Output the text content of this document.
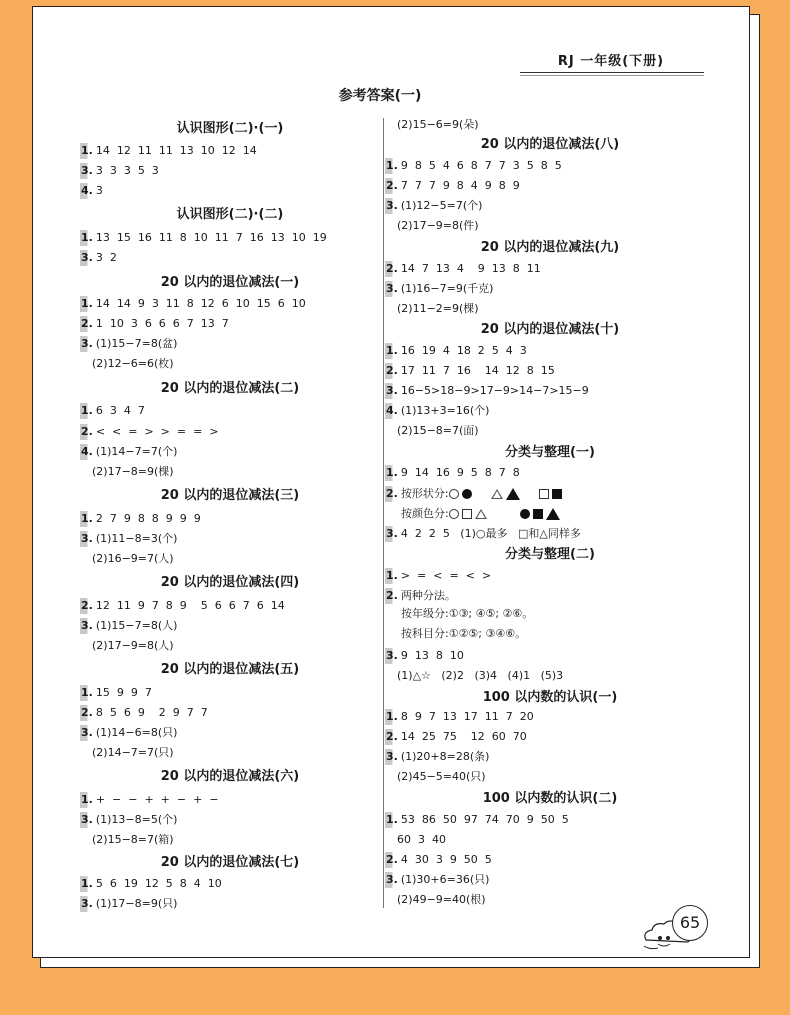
RJ 一年级(下册)
参考答案(一)
认识图形(二)·(一)
1. 14  12  11  11  13  10  12  14
3. 3  3  3  5  3
4. 3
认识图形(二)·(二)
1. 13  15  16  11  8  10  11  7  16  13  10  19
3. 3  2
20 以内的退位减法(一)
1. 14  14  9  3  11  8  12  6  10  15  6  10
2. 1  10  3  6  6  6  7  13  7
3. (1)15−7=8(盆)
(2)12−6=6(枚)
20 以内的退位减法(二)
1. 6  3  4  7
2. <  <  =  >  >  =  =  >
4. (1)14−7=7(个)
(2)17−8=9(棵)
20 以内的退位减法(三)
1. 2  7  9  8  8  9  9  9
3. (1)11−8=3(个)
(2)16−9=7(人)
20 以内的退位减法(四)
2. 12  11  9  7  8  9    5  6  6  7  6  14
3. (1)15−7=8(人)
(2)17−9=8(人)
20 以内的退位减法(五)
1. 15  9  9  7
2. 8  5  6  9    2  9  7  7
3. (1)14−6=8(只)
(2)14−7=7(只)
20 以内的退位减法(六)
1. +  −  −  +  +  −  +  −
3. (1)13−8=5(个)
(2)15−8=7(箱)
20 以内的退位减法(七)
1. 5  6  19  12  5  8  4  10
3. (1)17−8=9(只)
(2)15−6=9(朵)
20 以内的退位减法(八)
1. 9  8  5  4  6  8  7  7  3  5  8  5
2. 7  7  7  9  8  4  9  8  9
3. (1)12−5=7(个)
(2)17−9=8(件)
20 以内的退位减法(九)
2. 14  7  13  4    9  13  8  11
3. (1)16−7=9(千克)
(2)11−2=9(棵)
20 以内的退位减法(十)
1. 16  19  4  18  2  5  4  3
2. 17  11  7  16    14  12  8  15
3. 16−5>18−9>17−9>14−7>15−9
4. (1)13+3=16(个)
(2)15−8=7(面)
分类与整理(一)
1. 9  14  16  9  5  8  7  8
2. 按形状分:
按颜色分:
3. 4  2  2  5   (1)○最多   □和△同样多
分类与整理(二)
1. >  =  <  =  <  >
2. 两种分法。
按年级分:①③; ④⑤; ②⑥。
按科目分:①②⑤; ③④⑥。
3. 9  13  8  10
(1)△☆   (2)2   (3)4   (4)1   (5)3
100 以内数的认识(一)
1. 8  9  7  13  17  11  7  20
2. 14  25  75    12  60  70
3. (1)20+8=28(条)
(2)45−5=40(只)
100 以内数的认识(二)
1. 53  86  50  97  74  70  9  50  5
60  3  40
2. 4  30  3  9  50  5
3. (1)30+6=36(只)
(2)49−9=40(根)
65
